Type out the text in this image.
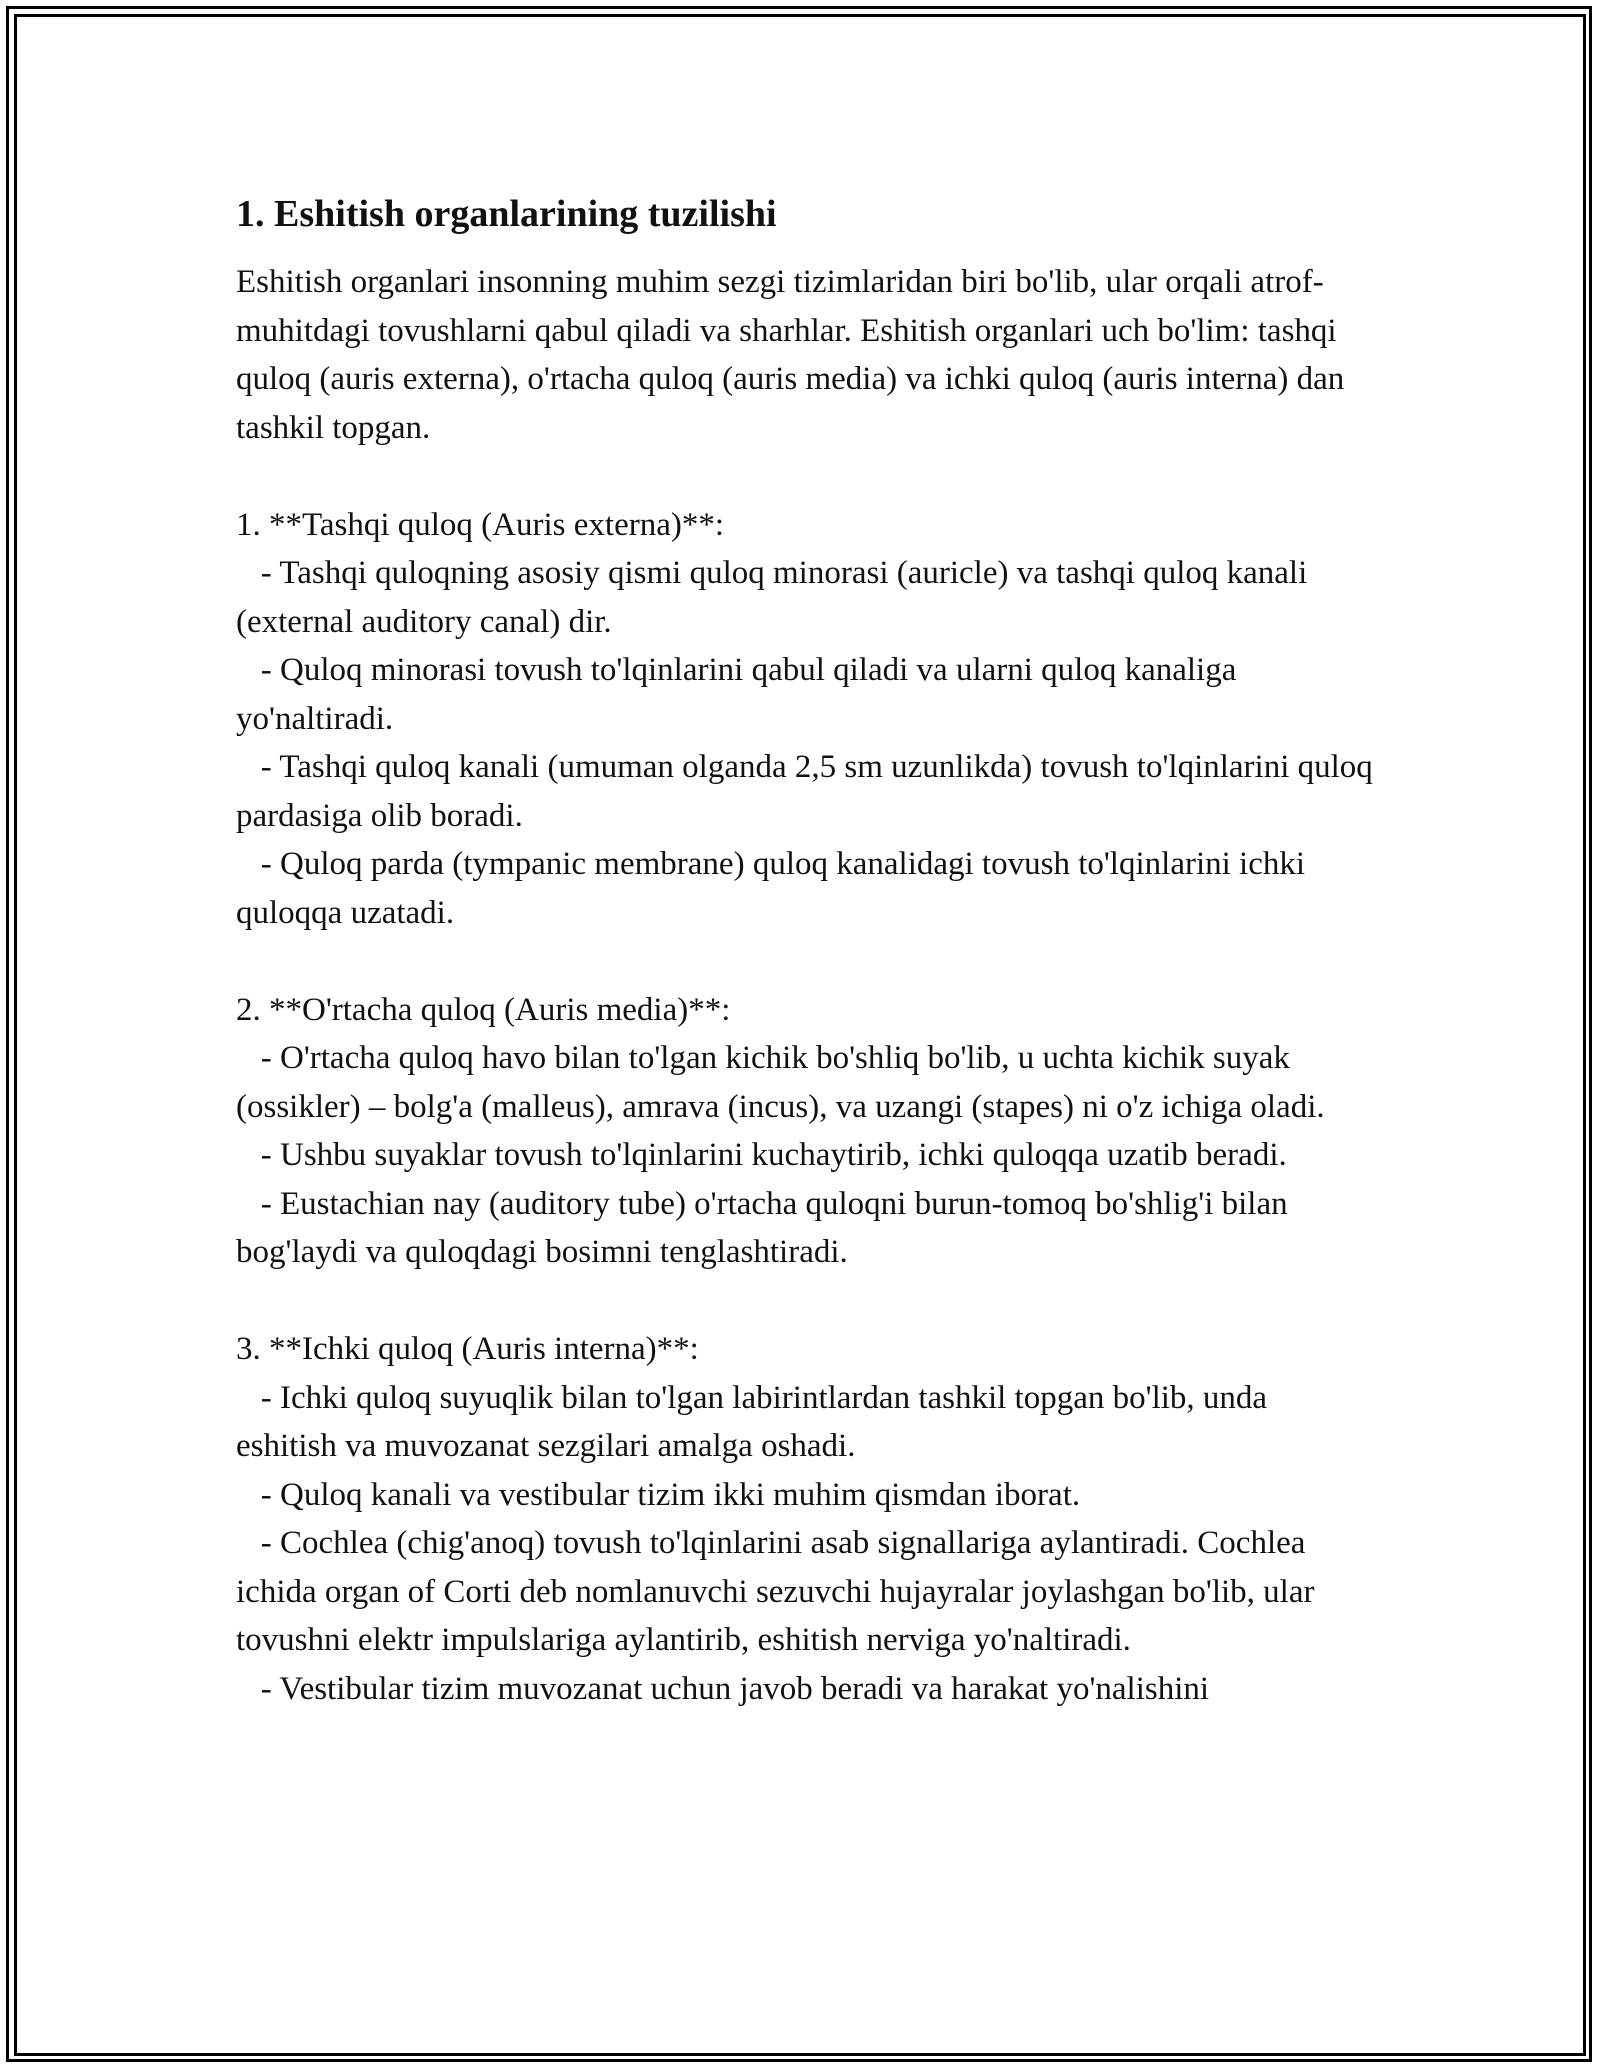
1. Eshitish organlarining tuzilishi

Eshitish organlari insonning muhim sezgi tizimlaridan biri bo'lib, ular orqali atrof-muhitdagi tovushlarni qabul qiladi va sharhlar. Eshitish organlari uch bo'lim: tashqi quloq (auris externa), o'rtacha quloq (auris media) va ichki quloq (auris interna) dan tashkil topgan.

1. **Tashqi quloq (Auris externa)**:

- Tashqi quloqning asosiy qismi quloq minorasi (auricle) va tashqi quloq kanali (external auditory canal) dir.

- Quloq minorasi tovush to'lqinlarini qabul qiladi va ularni quloq kanaliga yo'naltiradi.

- Tashqi quloq kanali (umuman olganda 2,5 sm uzunlikda) tovush to'lqinlarini quloq pardasiga olib boradi.

- Quloq parda (tympanic membrane) quloq kanalidagi tovush to'lqinlarini ichki quloqqa uzatadi.

2. **O'rtacha quloq (Auris media)**:

- O'rtacha quloq havo bilan to'lgan kichik bo'shliq bo'lib, u uchta kichik suyak (ossikler) – bolg'a (malleus), amrava (incus), va uzangi (stapes) ni o'z ichiga oladi.

- Ushbu suyaklar tovush to'lqinlarini kuchaytirib, ichki quloqqa uzatib beradi.

- Eustachian nay (auditory tube) o'rtacha quloqni burun-tomoq bo'shlig'i bilan bog'laydi va quloqdagi bosimni tenglashtiradi.

3. **Ichki quloq (Auris interna)**:

- Ichki quloq suyuqlik bilan to'lgan labirintlardan tashkil topgan bo'lib, unda eshitish va muvozanat sezgilari amalga oshadi.

- Quloq kanali va vestibular tizim ikki muhim qismdan iborat.

- Cochlea (chig'anoq) tovush to'lqinlarini asab signallariga aylantiradi. Cochlea ichida organ of Corti deb nomlanuvchi sezuvchi hujayralar joylashgan bo'lib, ular tovushni elektr impulslariga aylantirib, eshitish nerviga yo'naltiradi.

- Vestibular tizim muvozanat uchun javob beradi va harakat yo'nalishini
